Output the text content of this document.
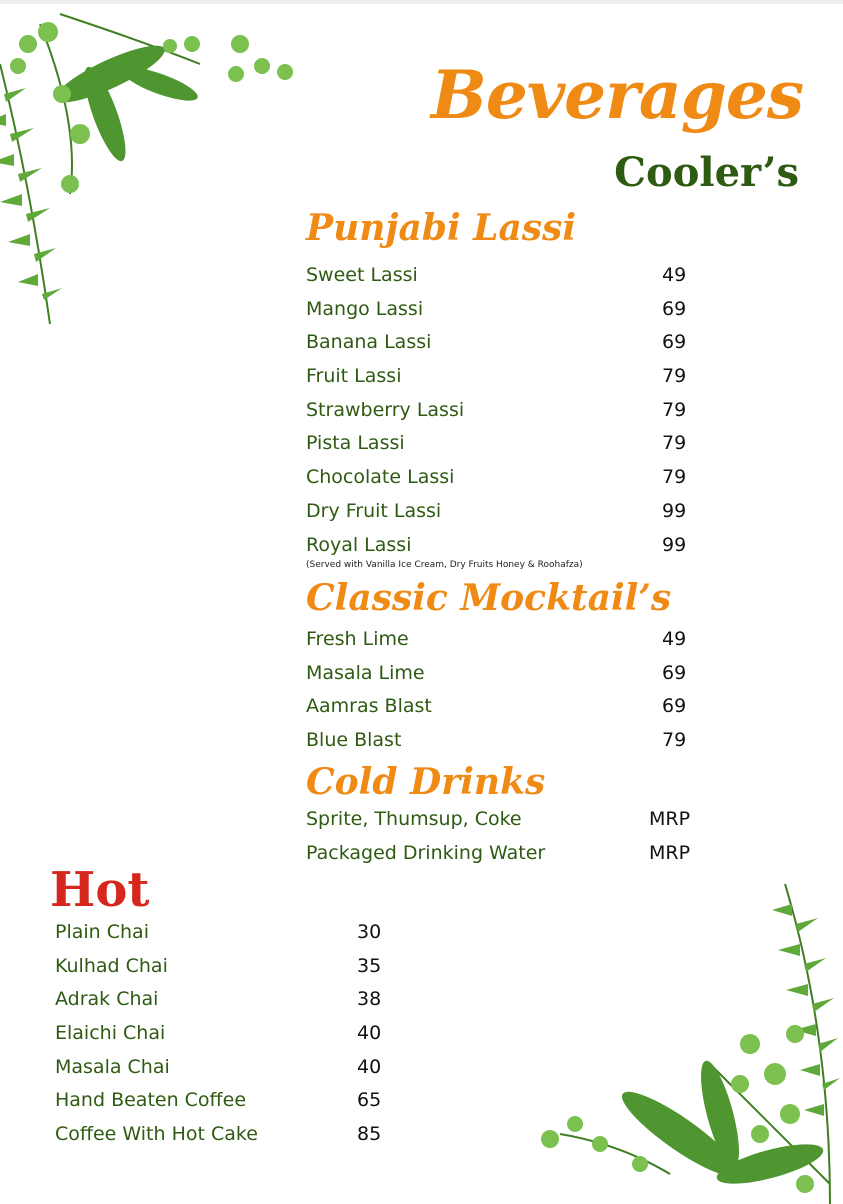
Beverages
Cooler’s
Punjabi Lassi
Sweet Lassi	49
Mango Lassi	69
Banana Lassi	69
Fruit Lassi	79
Strawberry Lassi	79
Pista Lassi	79
Chocolate Lassi	79
Dry Fruit Lassi	99
Royal Lassi	99
(Served with Vanilla Ice Cream, Dry Fruits Honey & Roohafza)
Classic Mocktail’s
Fresh Lime	49
Masala Lime	69
Aamras Blast	69
Blue Blast	79
Cold Drinks
Sprite, Thumsup, Coke	MRP
Packaged Drinking Water	MRP
Hot
Plain Chai	30
Kulhad Chai	35
Adrak Chai	38
Elaichi Chai	40
Masala Chai	40
Hand Beaten Coffee	65
Coffee With Hot Cake	85
